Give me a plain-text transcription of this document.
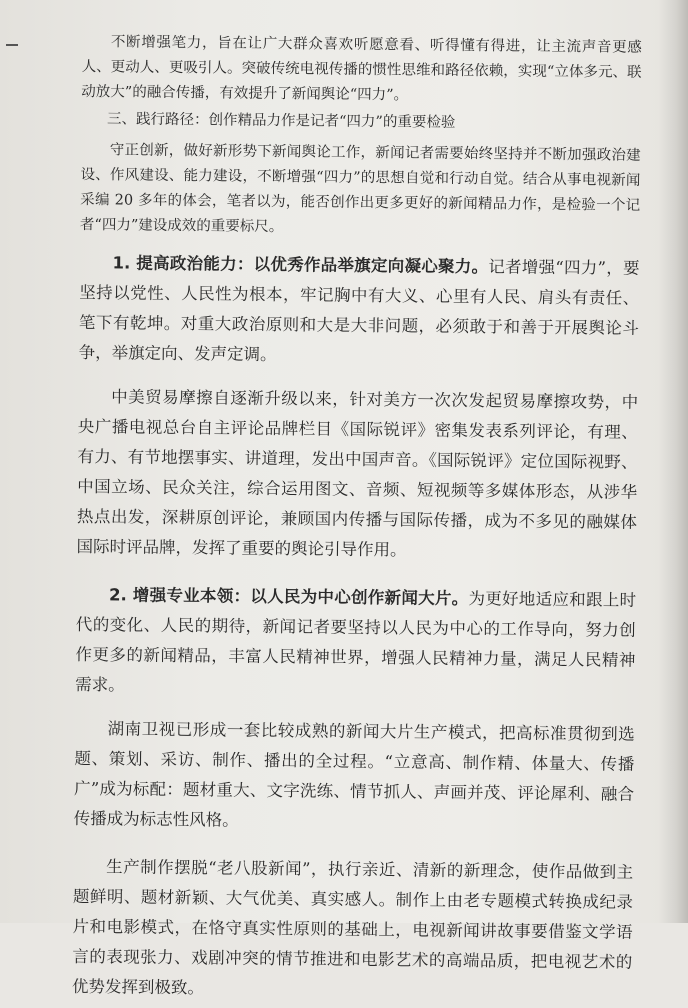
不断增强笔力，旨在让广大群众喜欢听愿意看、听得懂有得进，让主流声音更感人、更动人、更吸引人。突破传统电视传播的惯性思维和路径依赖，实现“立体多元、联动放大”的融合传播，有效提升了新闻舆论“四力”。

三、践行路径：创作精品力作是记者“四力”的重要检验

守正创新，做好新形势下新闻舆论工作，新闻记者需要始终坚持并不断加强政治建设、作风建设、能力建设，不断增强“四力”的思想自觉和行动自觉。结合从事电视新闻采编 20 多年的体会，笔者以为，能否创作出更多更好的新闻精品力作，是检验一个记者“四力”建设成效的重要标尺。

1. 提高政治能力：以优秀作品举旗定向凝心聚力。记者增强“四力”，要坚持以党性、人民性为根本，牢记胸中有大义、心里有人民、肩头有责任、笔下有乾坤。对重大政治原则和大是大非问题，必须敢于和善于开展舆论斗争，举旗定向、发声定调。

中美贸易摩擦自逐渐升级以来，针对美方一次次发起贸易摩擦攻势，中央广播电视总台自主评论品牌栏目《国际锐评》密集发表系列评论，有理、有力、有节地摆事实、讲道理，发出中国声音。《国际锐评》定位国际视野、中国立场、民众关注，综合运用图文、音频、短视频等多媒体形态，从涉华热点出发，深耕原创评论，兼顾国内传播与国际传播，成为不多见的融媒体国际时评品牌，发挥了重要的舆论引导作用。

2. 增强专业本领：以人民为中心创作新闻大片。为更好地适应和跟上时代的变化、人民的期待，新闻记者要坚持以人民为中心的工作导向，努力创作更多的新闻精品，丰富人民精神世界，增强人民精神力量，满足人民精神需求。

湖南卫视已形成一套比较成熟的新闻大片生产模式，把高标准贯彻到选题、策划、采访、制作、播出的全过程。“立意高、制作精、体量大、传播广”成为标配：题材重大、文字洗练、情节抓人、声画并茂、评论犀利、融合传播成为标志性风格。

生产制作摆脱“老八股新闻”，执行亲近、清新的新理念，使作品做到主题鲜明、题材新颖、大气优美、真实感人。制作上由老专题模式转换成纪录片和电影模式，在恪守真实性原则的基础上，电视新闻讲故事要借鉴文学语言的表现张力、戏剧冲突的情节推进和电影艺术的高端品质，把电视艺术的优势发挥到极致。
